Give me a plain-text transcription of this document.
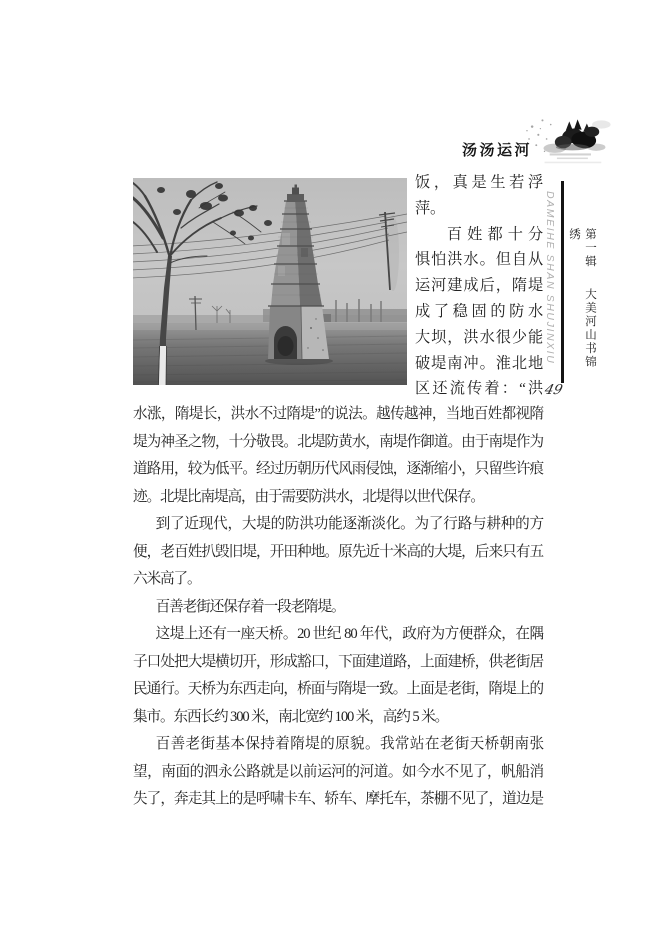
汤汤运河
饭，真是生若浮
萍。
百姓都十分
惧怕洪水。但自从
运河建成后，隋堤
成了稳固的防水
大坝，洪水很少能
破堤南冲。淮北地
区还流传着：“洪
水涨，隋堤长，洪水不过隋堤”的说法。越传越神，当地百姓都视隋
堤为神圣之物，十分敬畏。北堤防黄水，南堤作御道。由于南堤作为
道路用，较为低平。经过历朝历代风雨侵蚀，逐渐缩小，只留些许痕
迹。北堤比南堤高，由于需要防洪水，北堤得以世代保存。
到了近现代，大堤的防洪功能逐渐淡化。为了行路与耕种的方
便，老百姓扒毁旧堤，开田种地。原先近十米高的大堤，后来只有五
六米高了。
百善老街还保存着一段老隋堤。
这堤上还有一座天桥。20 世纪 80 年代，政府为方便群众，在隅
子口处把大堤横切开，形成豁口，下面建道路，上面建桥，供老街居
民通行。天桥为东西走向，桥面与隋堤一致。上面是老街，隋堤上的
集市。东西长约 300 米，南北宽约 100 米，高约 5 米。
百善老街基本保持着隋堤的原貌。我常站在老街天桥朝南张
望，南面的泗永公路就是以前运河的河道。如今水不见了，帆船消
失了，奔走其上的是呼啸卡车、轿车、摩托车，茶棚不见了，道边是
DAMEIHE SHAN SHUJINXIU	第一辑 大美河山书锦绣
49
